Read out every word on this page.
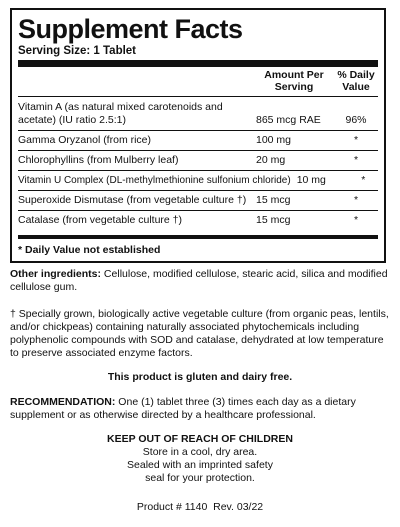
Supplement Facts
Serving Size: 1 Tablet
Amount Per Serving
% Daily Value
Vitamin A (as natural mixed carotenoids and acetate) (IU ratio 2.5:1)	865 mcg RAE	96%
Gamma Oryzanol (from rice)	100 mg	*
Chlorophyllins (from Mulberry leaf)	20 mg	*
Vitamin U Complex (DL-methylmethionine sulfonium chloride) 10 mg	*
Superoxide Dismutase (from vegetable culture †) 15 mcg	*
Catalase (from vegetable culture †)	15 mcg	*
* Daily Value not established
Other ingredients: Cellulose, modified cellulose, stearic acid, silica and modified cellulose gum.
† Specially grown, biologically active vegetable culture (from organic peas, lentils, and/or chickpeas) containing naturally associated phytochemicals including polyphenolic compounds with SOD and catalase, dehydrated at low temperature to preserve associated enzyme factors.
This product is gluten and dairy free.
RECOMMENDATION: One (1) tablet three (3) times each day as a dietary supplement or as otherwise directed by a healthcare professional.
KEEP OUT OF REACH OF CHILDREN
Store in a cool, dry area.
Sealed with an imprinted safety
seal for your protection.
Product # 1140  Rev. 03/22
